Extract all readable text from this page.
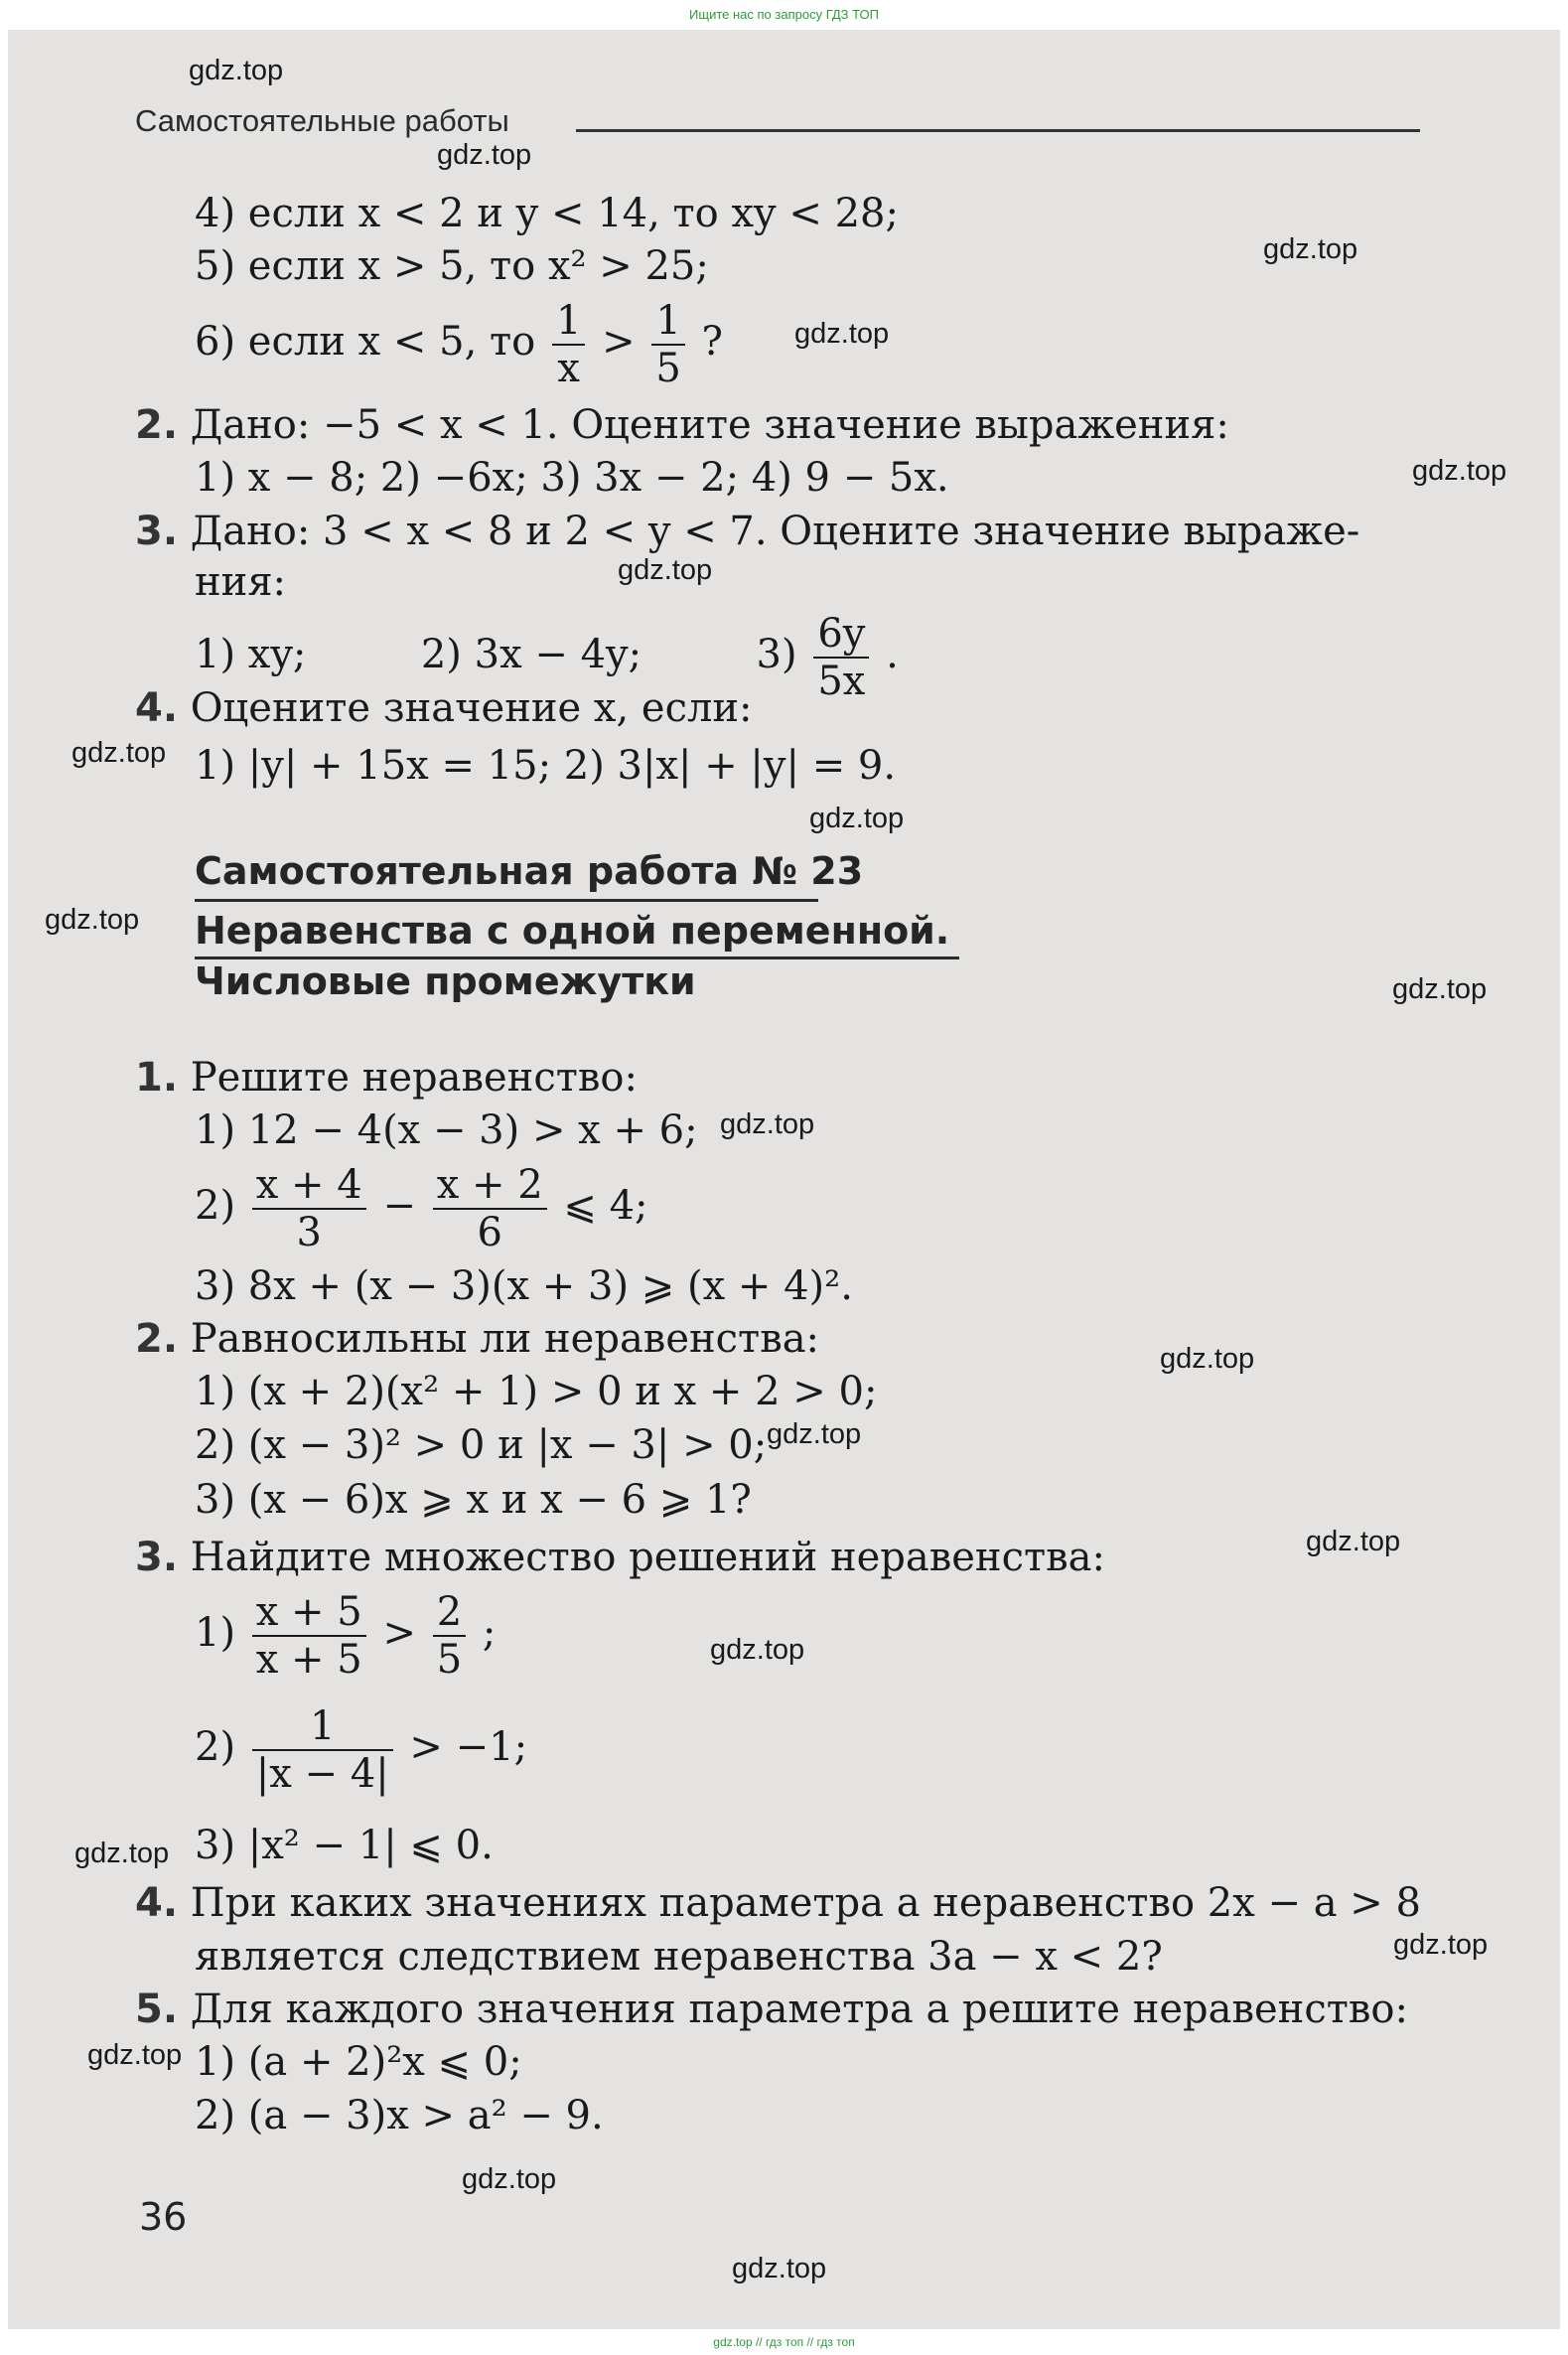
Ищите нас по запросу ГДЗ ТОП
Самостоятельные работы
gdz.top
gdz.top
gdz.top
gdz.top
gdz.top
gdz.top
gdz.top
gdz.top
gdz.top
gdz.top
gdz.top
gdz.top
gdz.top
gdz.top
gdz.top
gdz.top
gdz.top
gdz.top
gdz.top
gdz.top
4) если x < 2 и y < 14, то xy < 28;
5) если x > 5, то x² > 25;
6) если x < 5, то $\frac{1}{x} > \frac{1}{5}$ ?
2. Дано: −5 < x < 1. Оцените значение выражения:
1) x − 8; 2) −6x; 3) 3x − 2; 4) 9 − 5x.
3. Дано: 3 < x < 8 и 2 < y < 7. Оцените значение выраже-
ния:
1) xy;	2) 3x − 4y;	$3) \frac{6y}{5x}$ .
4. Оцените значение x, если:
1) |y| + 15x = 15; 2) 3|x| + |y| = 9.
Самостоятельная работа № 23
Неравенства с одной переменной.
Числовые промежутки
1. Решите неравенство:
1) 12 − 4(x − 3) > x + 6;
$2) \frac{x + 4}{3} - \frac{x + 2}{6}$ ⩽ 4;
3) 8x + (x − 3)(x + 3) ⩾ (x + 4)².
2. Равносильны ли неравенства:
1) (x + 2)(x² + 1) > 0 и x + 2 > 0;
2) (x − 3)² > 0 и |x − 3| > 0;
3) (x − 6)x ⩾ x и x − 6 ⩾ 1?
3. Найдите множество решений неравенства:
$1) \frac{x + 5}{x + 5} > \frac{2}{5}$ ;
$2) \frac{1}{|x - 4|} > -1$;
3) |x² − 1| ⩽ 0.
4. При каких значениях параметра a неравенство 2x − a > 8
является следствием неравенства 3a − x < 2?
5. Для каждого значения параметра a решите неравенство:
1) (a + 2)²x ⩽ 0;
2) (a − 3)x > a² − 9.
36
gdz.top // гдз топ // гдз топ
